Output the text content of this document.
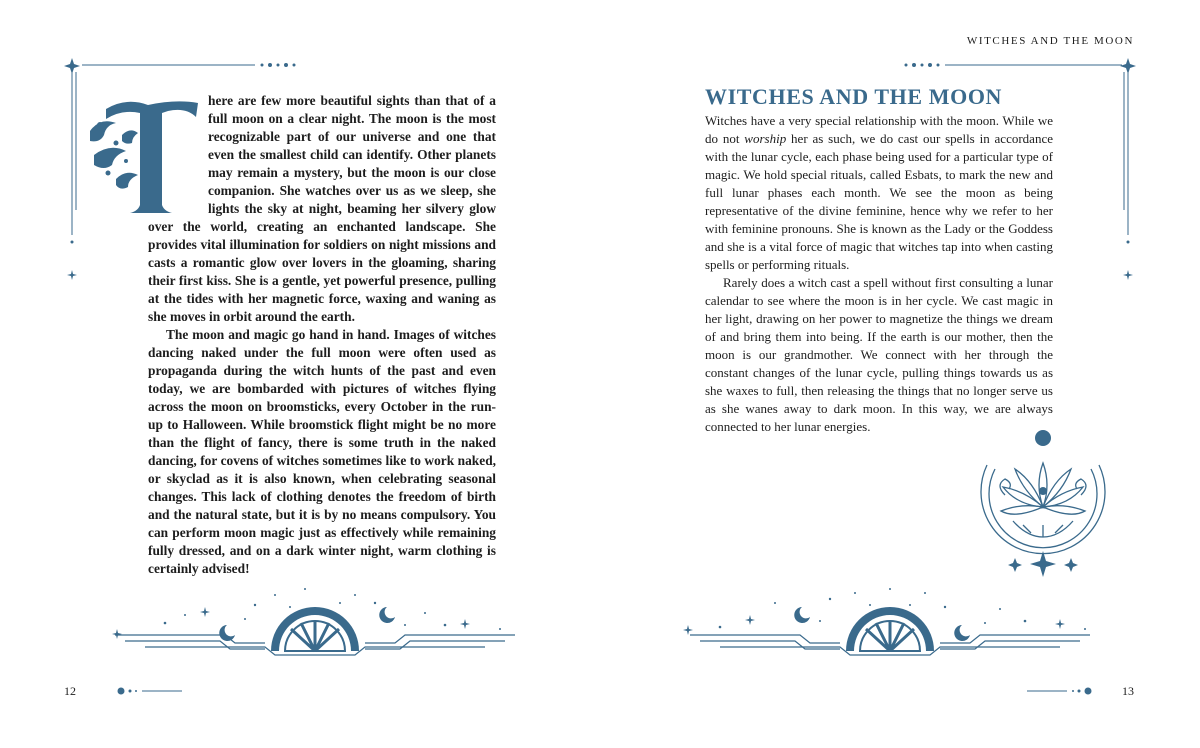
T	here are few more beautiful sights than that of a full moon on a clear night. The moon is the most recognizable part of our universe and one that even the smallest child can identify. Other planets may remain a mystery, but the moon is our close companion. She watches over us as we sleep, she lights the sky at night, beaming her silvery glow over the world, creating an enchanted landscape. She provides vital illumination for soldiers on night missions and casts a romantic glow over lovers in the gloaming, sharing their first kiss. She is a gentle, yet powerful presence, pulling at the tides with her magnetic force, waxing and waning as she moves in orbit around the earth.

The moon and magic go hand in hand. Images of witches dancing naked under the full moon were often used as propaganda during the witch hunts of the past and even today, we are bombarded with pictures of witches flying across the moon on broomsticks, every October in the run-up to Halloween. While broomstick flight might be no more than the flight of fancy, there is some truth in the naked dancing, for covens of witches sometimes like to work naked, or skyclad as it is also known, when celebrating seasonal changes. This lack of clothing denotes the freedom of birth and the natural state, but it is by no means compulsory. You can perform moon magic just as effectively while remaining fully dressed, and on a dark winter night, warm clothing is certainly advised!

12
WITCHES AND THE MOON
WITCHES AND THE MOON

Witches have a very special relationship with the moon. While we do not worship her as such, we do cast our spells in accordance with the lunar cycle, each phase being used for a particular type of magic. We hold special rituals, called Esbats, to mark the new and full lunar phases each month. We see the moon as being representative of the divine feminine, hence why we refer to her with feminine pronouns. She is known as the Lady or the Goddess and she is a vital force of magic that witches tap into when casting spells or performing rituals.

Rarely does a witch cast a spell without first consulting a lunar calendar to see where the moon is in her cycle. We cast magic in her light, drawing on her power to magnetize the things we dream of and bring them into being. If the earth is our mother, then the moon is our grandmother. We connect with her through the constant changes of the lunar cycle, pulling things towards us as she waxes to full, then releasing the things that no longer serve us as she wanes away to dark moon. In this way, we are always connected to her lunar energies.

13
